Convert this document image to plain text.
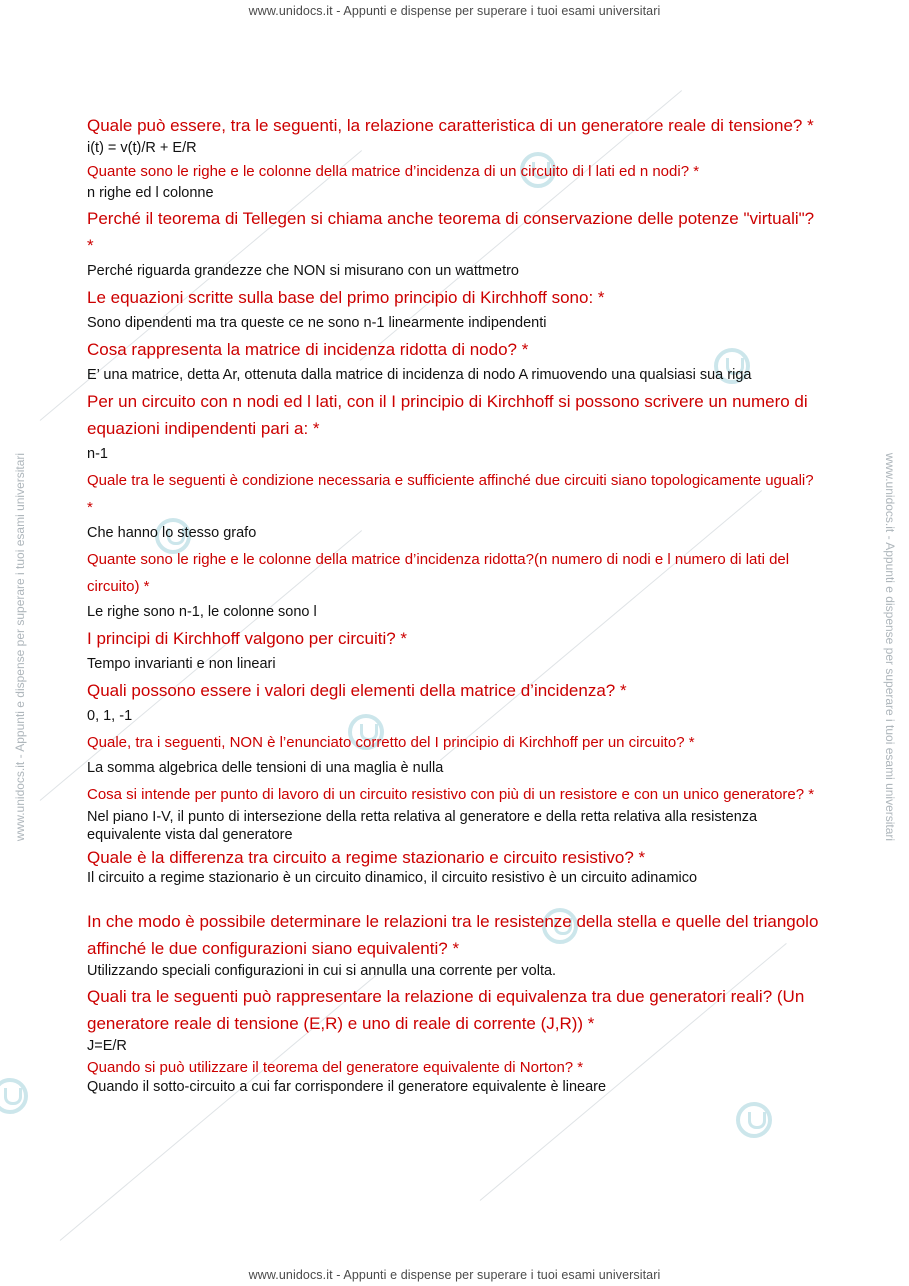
www.unidocs.it - Appunti e dispense per superare i tuoi esami universitari	www.unidocs.it - Appunti e dispense per superare i tuoi esami universitari
www.unidocs.it - Appunti e dispense per superare i tuoi esami universitari

Quale può essere, tra le seguenti, la relazione caratteristica di un generatore reale di tensione? *

i(t) = v(t)/R + E/R

Quante sono le righe e le colonne della matrice d’incidenza di un circuito di l lati ed n nodi? *

n righe ed l colonne

Perché il teorema di Tellegen si chiama anche teorema di conservazione delle potenze "virtuali"? *

Perché riguarda grandezze che NON si misurano con un wattmetro

Le equazioni scritte sulla base del primo principio di Kirchhoff sono: *

Sono dipendenti ma tra queste ce ne sono n-1 linearmente indipendenti

Cosa rappresenta la matrice di incidenza ridotta di nodo? *

E’ una matrice, detta Ar, ottenuta dalla matrice di incidenza di nodo A rimuovendo una qualsiasi sua riga

Per un circuito con n nodi ed l lati, con il I principio di Kirchhoff si possono scrivere un numero di equazioni indipendenti pari a: *

n-1

Quale tra le seguenti è condizione necessaria e sufficiente affinché due circuiti siano topologicamente uguali? *

Che hanno lo stesso grafo

Quante sono le righe e le colonne della matrice d’incidenza ridotta?(n numero di nodi e l numero di lati del circuito) *

Le righe sono n-1, le colonne sono l

I principi di Kirchhoff valgono per circuiti? *

Tempo invarianti e non lineari

Quali possono essere i valori degli elementi della matrice d’incidenza? *

0, 1, -1

Quale, tra i seguenti, NON è l’enunciato corretto del I principio di Kirchhoff per un circuito? *

La somma algebrica delle tensioni di una maglia è nulla

Cosa si intende per punto di lavoro di un circuito resistivo con più di un resistore e con un unico generatore? *

Nel piano I-V, il punto di intersezione della retta relativa al generatore e della retta relativa alla resistenza equivalente vista dal generatore

Quale è la differenza tra circuito a regime stazionario e circuito resistivo? *

Il circuito a regime stazionario è un circuito dinamico, il circuito resistivo è un circuito adinamico

In che modo è possibile determinare le relazioni tra le resistenze della stella e quelle del triangolo affinché le due configurazioni siano equivalenti? *

Utilizzando speciali configurazioni in cui si annulla una corrente per volta.

Quali tra le seguenti può rappresentare la relazione di equivalenza tra due generatori reali? (Un generatore reale di tensione (E,R) e uno di reale di corrente (J,R)) *

J=E/R

Quando si può utilizzare il teorema del generatore equivalente di Norton? *

Quando il sotto-circuito a cui far corrispondere il generatore equivalente è lineare

www.unidocs.it - Appunti e dispense per superare i tuoi esami universitari
